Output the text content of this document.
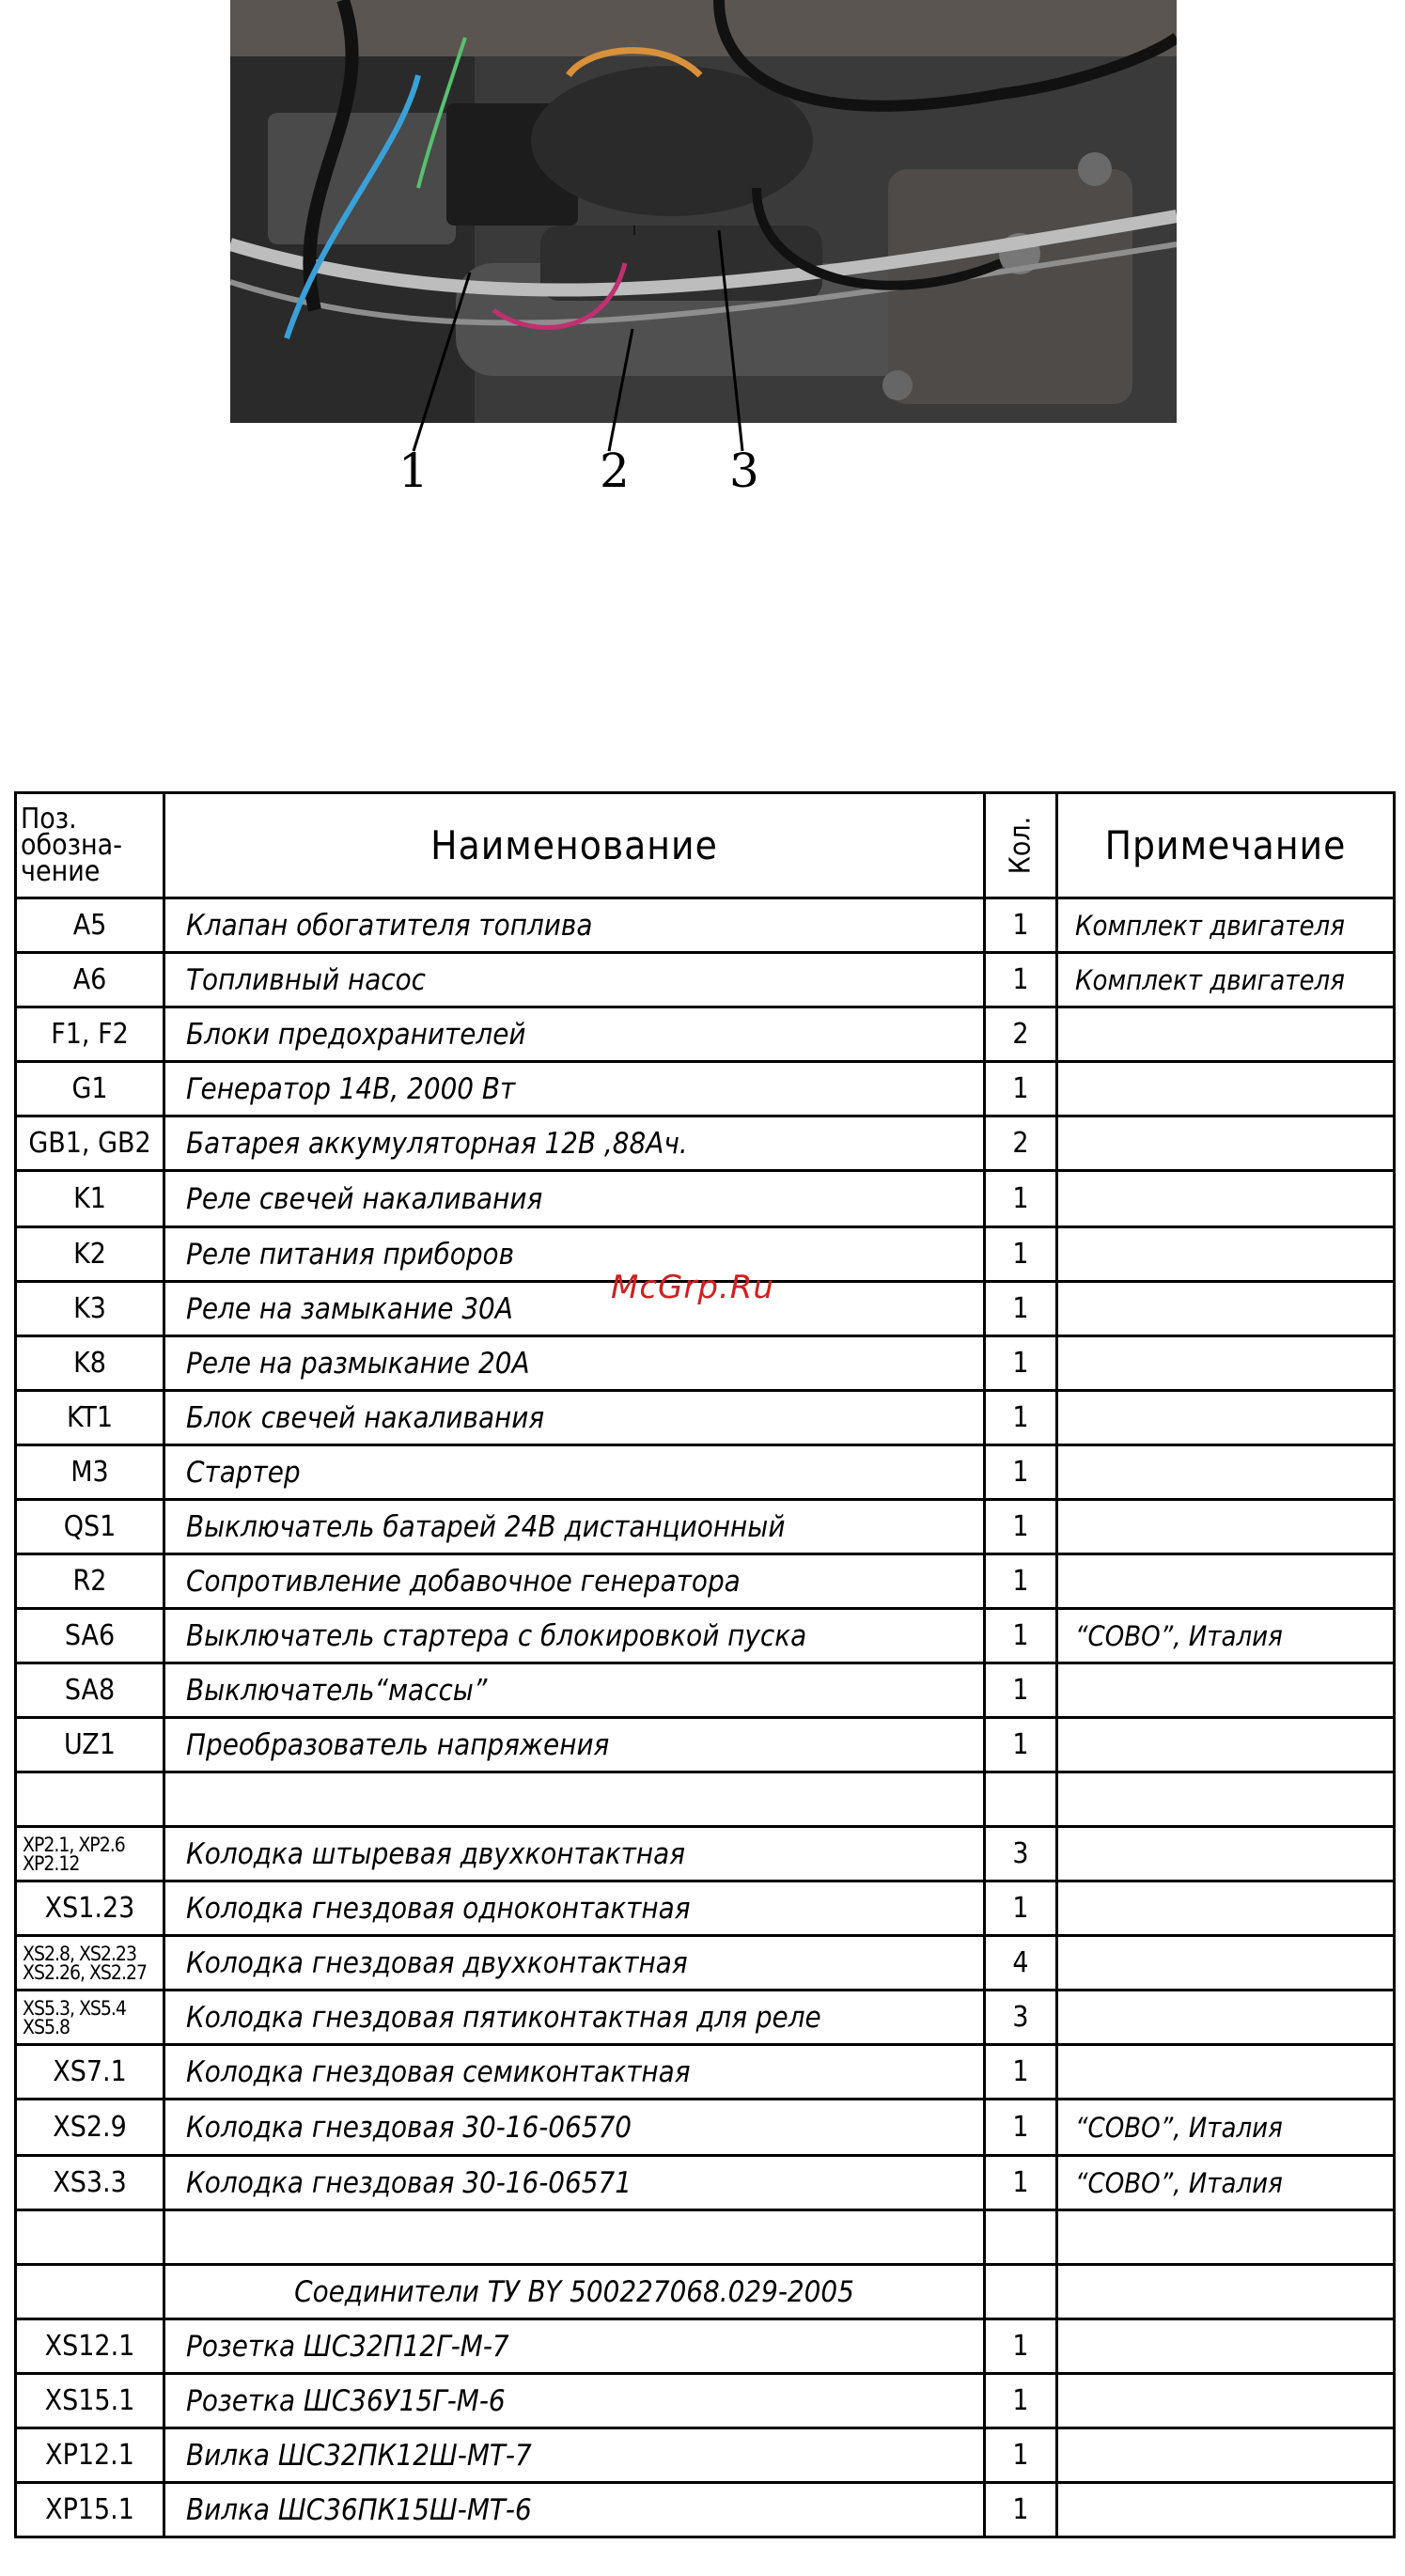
1	2 3
Поз. обозна- чение	Наименование	Кол.	Примечание
A5	Клапан обогатителя топлива	1	Комплект двигателя
A6	Топливный насос	1	Комплект двигателя
F1, F2	Блоки предохранителей	2	
G1	Генератор 14В, 2000 Вт	1	
GB1, GB2	Батарея аккумуляторная 12В ,88Ач.	2	
K1	Реле свечей накаливания	1	
K2	Реле питания приборов	1	
K3	Реле на замыкание 30А	1	
K8	Реле на размыкание 20А	1	
KT1	Блок свечей накаливания	1	
M3	Стартер	1	
QS1	Выключатель батарей 24В дистанционный	1	
R2	Сопротивление добавочное генератора	1	
SA6	Выключатель стартера с блокировкой пуска	1	“COBO”, Италия
SA8	Выключатель“массы”	1	
UZ1	Преобразователь напряжения	1	

XP2.1, XP2.6 XP2.12	Колодка штыревая двухконтактная	3	
XS1.23	Колодка гнездовая одноконтактная	1	
XS2.8, XS2.23 XS2.26, XS2.27	Колодка гнездовая двухконтактная	4	
XS5.3, XS5.4 XS5.8	Колодка гнездовая пятиконтактная для реле	3	
XS7.1	Колодка гнездовая семиконтактная	1	
XS2.9	Колодка гнездовая 30-16-06570	1	“COBO”, Италия
XS3.3	Колодка гнездовая 30-16-06571	1	“COBO”, Италия

	Соединители ТУ BY 500227068.029-2005		
XS12.1	Розетка ШС32П12Г-М-7	1	
XS15.1	Розетка ШС36У15Г-М-6	1	
XP12.1	Вилка ШС32ПК12Ш-МТ-7	1	
XP15.1	Вилка ШС36ПК15Ш-МТ-6	1	
McGrp.Ru
